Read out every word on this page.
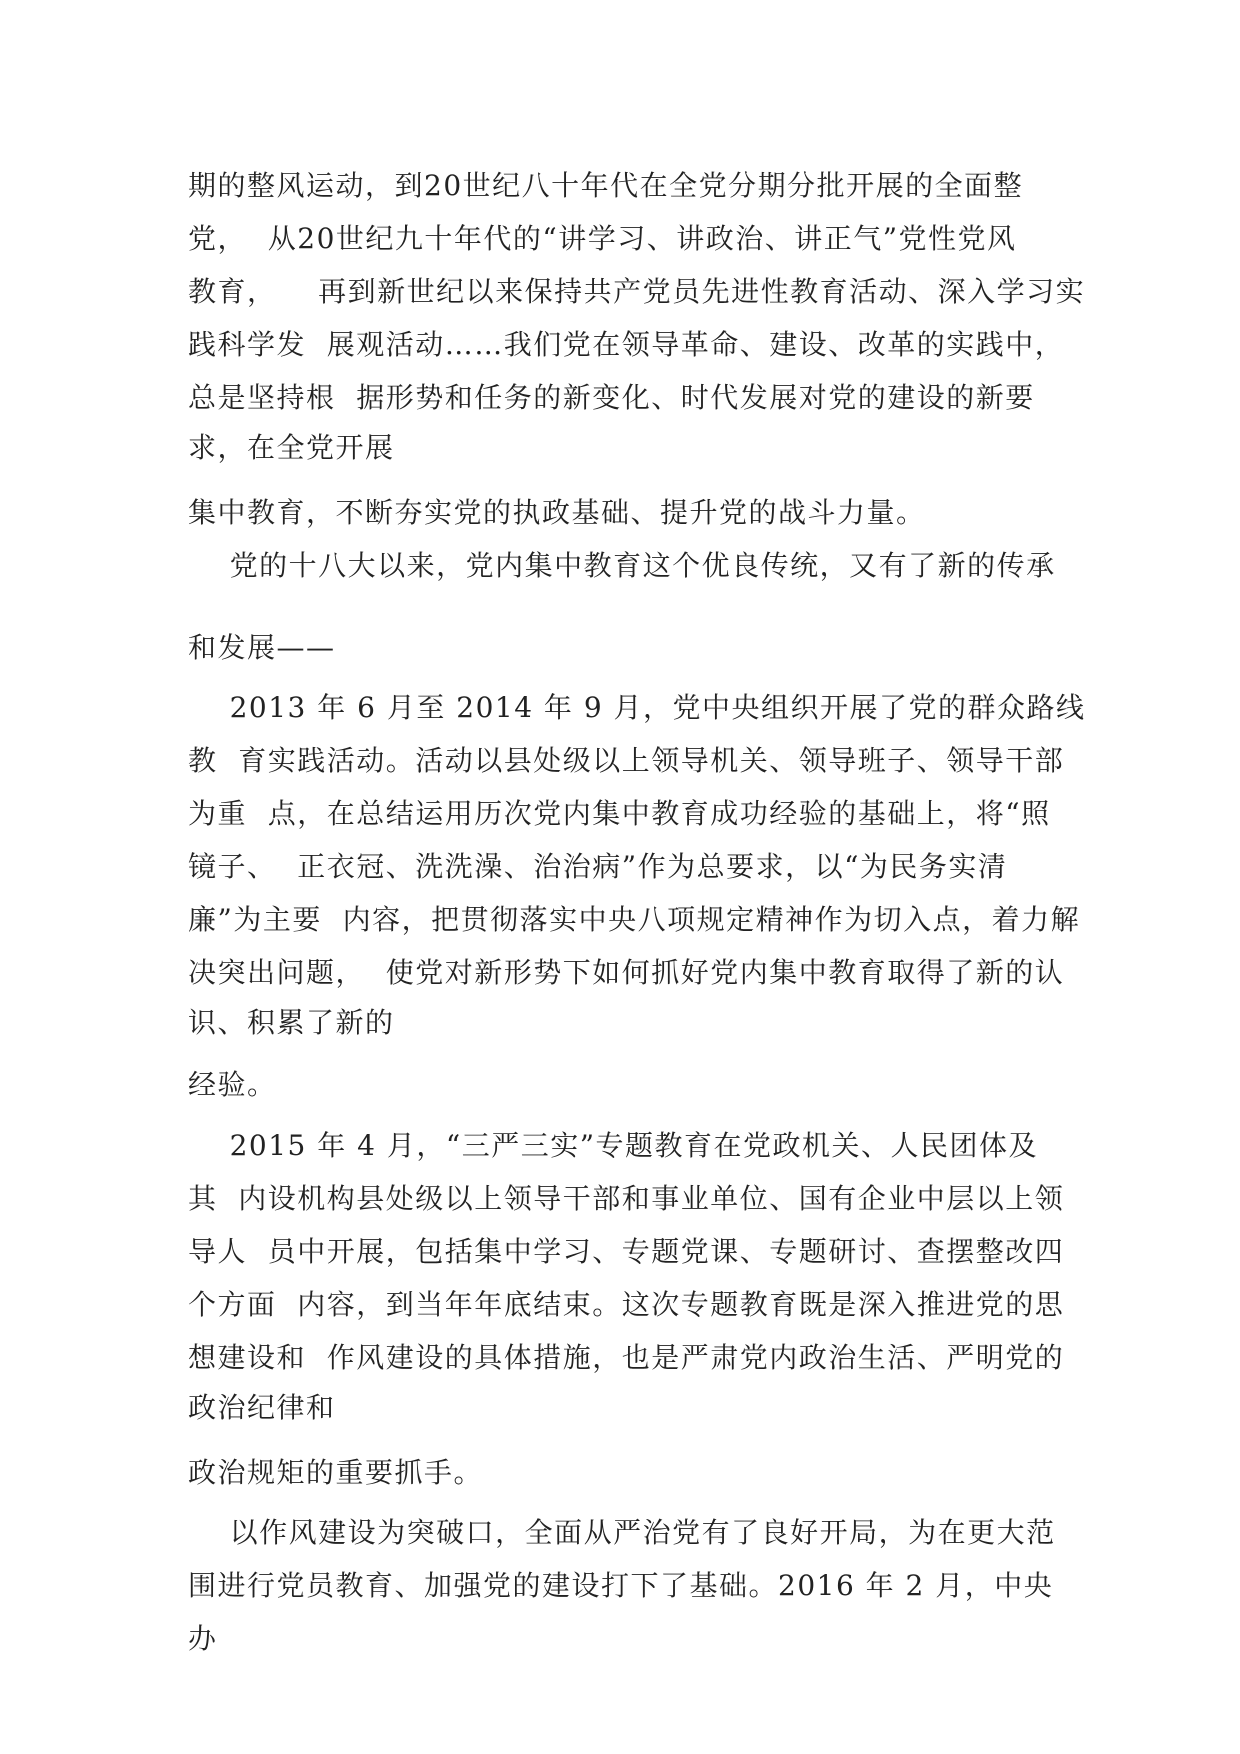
期的整风运动，到20世纪八十年代在全党分期分批开展的全面整
党，  从20世纪九十年代的“讲学习、讲政治、讲正气”党性党风
教育，    再到新世纪以来保持共产党员先进性教育活动、深入学习实
践科学发  展观活动……我们党在领导革命、建设、改革的实践中，
总是坚持根  据形势和任务的新变化、时代发展对党的建设的新要
求，在全党开展
集中教育，不断夯实党的执政基础、提升党的战斗力量。
党的十八大以来，党内集中教育这个优良传统，又有了新的传承
和发展——
2013 年 6 月至 2014 年 9 月，党中央组织开展了党的群众路线
教  育实践活动。活动以县处级以上领导机关、领导班子、领导干部
为重  点，在总结运用历次党内集中教育成功经验的基础上，将“照
镜子、  正衣冠、洗洗澡、治治病”作为总要求，以“为民务实清
廉”为主要  内容，把贯彻落实中央八项规定精神作为切入点，着力解
决突出问题，  使党对新形势下如何抓好党内集中教育取得了新的认
识、积累了新的
经验。
2015 年 4 月，“三严三实”专题教育在党政机关、人民团体及
其  内设机构县处级以上领导干部和事业单位、国有企业中层以上领
导人  员中开展，包括集中学习、专题党课、专题研讨、查摆整改四
个方面  内容，到当年年底结束。这次专题教育既是深入推进党的思
想建设和  作风建设的具体措施，也是严肃党内政治生活、严明党的
政治纪律和
政治规矩的重要抓手。
以作风建设为突破口，全面从严治党有了良好开局，为在更大范
围进行党员教育、加强党的建设打下了基础。2016 年 2 月，中央
办
